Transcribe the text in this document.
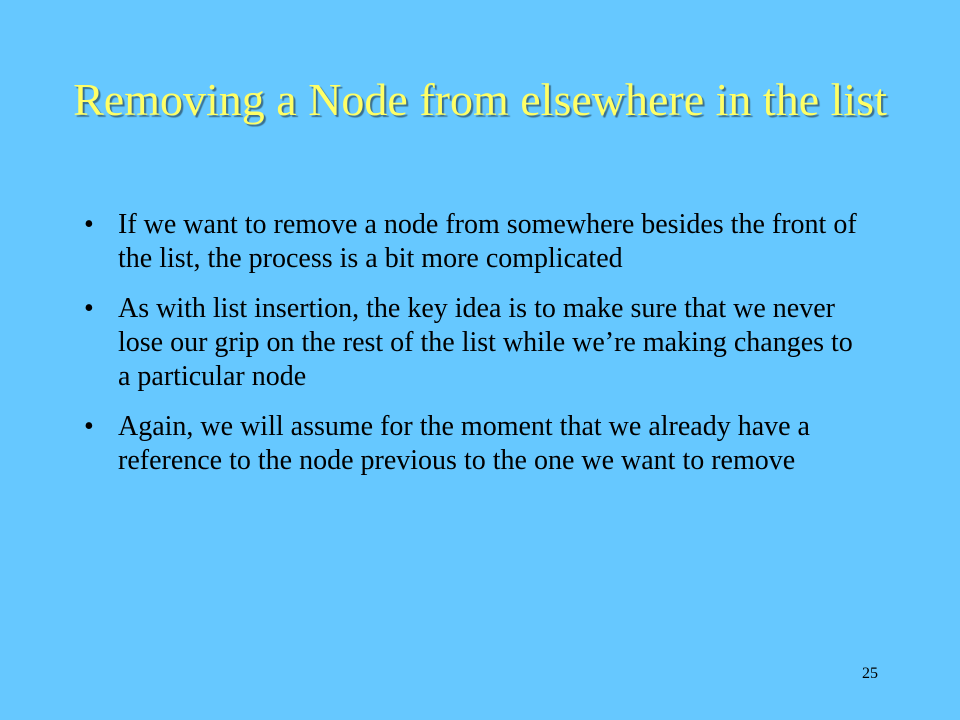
Removing a Node from elsewhere in the list
• If we want to remove a node from somewhere besides the front of the list, the process is a bit more complicated
• As with list insertion, the key idea is to make sure that we never lose our grip on the rest of the list while we’re making changes to a particular node
• Again, we will assume for the moment that we already have a reference to the node previous to the one we want to remove
25
